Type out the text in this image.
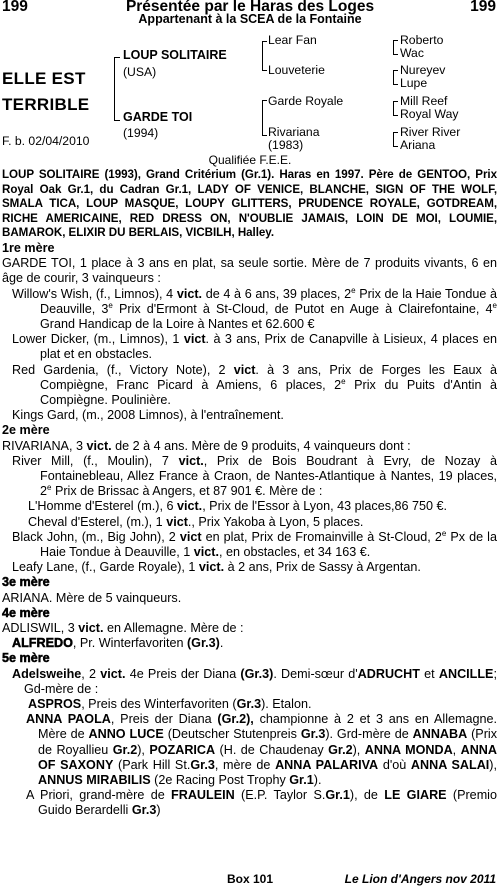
199	Présentée par le Haras des Loges	199
Appartenant à la SCEA de la Fontaine
ELLE EST
TERRIBLE
F. b. 02/04/2010
LOUP SOLITAIRE
(USA)
GARDE TOI
(1994)
Lear Fan
Louveterie
Garde Royale
Rivariana
(1983)
Roberto
Wac
Nureyev
Lupe
Mill Reef
Royal Way
River River
Ariana
Qualifiée F.E.E.

LOUP SOLITAIRE (1993), Grand Critérium (Gr.1). Haras en 1997. Père de GENTOO, Prix Royal Oak Gr.1, du Cadran Gr.1, LADY OF VENICE, BLANCHE, SIGN OF THE WOLF, SMALA TICA, LOUP MASQUE, LOUPY GLITTERS, PRUDENCE ROYALE, GOTDREAM, RICHE AMERICAINE, RED DRESS ON, N'OUBLIE JAMAIS, LOIN DE MOI, LOUMIE, BAMAROK, ELIXIR DU BERLAIS, VICBILH, Halley.

1re mère

GARDE TOI, 1 place à 3 ans en plat, sa seule sortie. Mère de 7 produits vivants, 6 en âge de courir, 3 vainqueurs :

Willow's Wish, (f., Limnos), 4 vict. de 4 à 6 ans, 39 places, 2e Prix de la Haie Tondue à Deauville, 3e Prix d'Ermont à St-Cloud, de Putot en Auge à Clairefontaine, 4e Grand Handicap de la Loire à Nantes et 62.600 €

Lower Dicker, (m., Limnos), 1 vict. à 3 ans, Prix de Canapville à Lisieux, 4 places en plat et en obstacles.

Red Gardenia, (f., Victory Note), 2 vict. à 3 ans, Prix de Forges les Eaux à Compiègne, Franc Picard à Amiens, 6 places, 2e Prix du Puits d'Antin à Compiègne. Poulinière.

Kings Gard, (m., 2008 Limnos), à l'entraînement.

2e mère

RIVARIANA, 3 vict. de 2 à 4 ans. Mère de 9 produits, 4 vainqueurs dont :

River Mill, (f., Moulin), 7 vict., Prix de Bois Boudrant à Evry, de Nozay à Fontainebleau, Allez France à Craon, de Nantes-Atlantique à Nantes, 19 places, 2e Prix de Brissac à Angers, et 87 901 €. Mère de :

L'Homme d'Esterel (m.), 6 vict., Prix de l'Essor à Lyon, 43 places,86 750 €.

Cheval d'Esterel, (m.), 1 vict., Prix Yakoba à Lyon, 5 places.

Black John, (m., Big John), 2 vict en plat, Prix de Fromainville à St-Cloud, 2e Px de la Haie Tondue à Deauville, 1 vict., en obstacles, et 34 163 €.

Leafy Lane, (f., Garde Royale), 1 vict. à 2 ans, Prix de Sassy à Argentan.

3e mère

ARIANA. Mère de 5 vainqueurs.

4e mère

ADLISWIL, 3 vict. en Allemagne. Mère de :

ALFREDO, Pr. Winterfavoriten (Gr.3).

5e mère

Adelsweihe, 2 vict. 4e Preis der Diana (Gr.3). Demi-sœur d'ADRUCHT et ANCILLE; Gd-mère de :

ASPROS, Preis des Winterfavoriten (Gr.3). Etalon.

ANNA PAOLA, Preis der Diana (Gr.2), championne à 2 et 3 ans en Allemagne. Mère de ANNO LUCE (Deutscher Stutenpreis Gr.3). Grd-mère de ANNABA (Prix de Royallieu Gr.2), POZARICA (H. de Chaudenay Gr.2), ANNA MONDA, ANNA OF SAXONY (Park Hill St.Gr.3, mère de ANNA PALARIVA d'où ANNA SALAI), ANNUS MIRABILIS (2e Racing Post Trophy Gr.1).

A Priori, grand-mère de FRAULEIN (E.P. Taylor S.Gr.1), de LE GIARE (Premio Guido Berardelli Gr.3)

Box 101	Le Lion d'Angers nov 2011
